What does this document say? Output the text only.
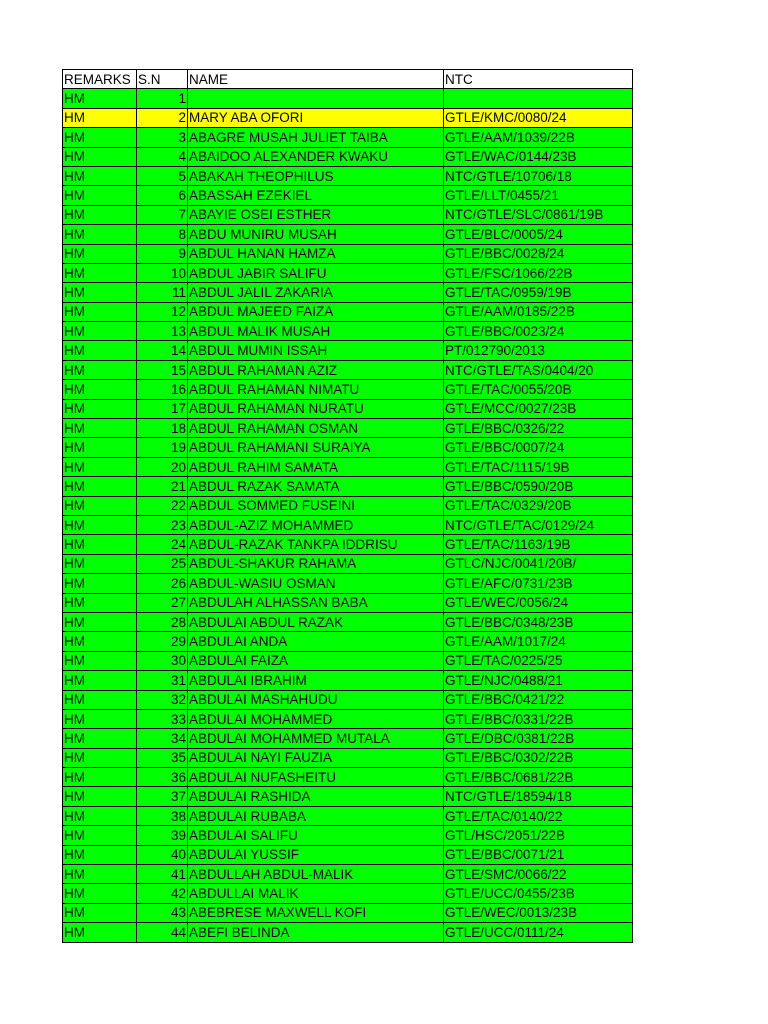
REMARKS	S.N	NAME	NTC
HM	1		
HM	2	MARY ABA OFORI	GTLE/KMC/0080/24
HM	3	ABAGRE MUSAH JULIET TAIBA	GTLE/AAM/1039/22B
HM	4	ABAIDOO ALEXANDER KWAKU	GTLE/WAC/0144/23B
HM	5	ABAKAH THEOPHILUS	NTC/GTLE/10706/18
HM	6	ABASSAH EZEKIEL	GTLE/LLT/0455/21
HM	7	ABAYIE OSEI ESTHER	NTC/GTLE/SLC/0861/19B
HM	8	ABDU MUNIRU MUSAH	GTLE/BLC/0005/24
HM	9	ABDUL HANAN HAMZA	GTLE/BBC/0028/24
HM	10	ABDUL JABIR SALIFU	GTLE/FSC/1066/22B
HM	11	ABDUL JALIL ZAKARIA	GTLE/TAC/0959/19B
HM	12	ABDUL MAJEED FAIZA	GTLE/AAM/0185/22B
HM	13	ABDUL MALIK MUSAH	GTLE/BBC/0023/24
HM	14	ABDUL MUMIN ISSAH	PT/012790/2013
HM	15	ABDUL RAHAMAN AZIZ	NTC/GTLE/TAS/0404/20
HM	16	ABDUL RAHAMAN NIMATU	GTLE/TAC/0055/20B
HM	17	ABDUL RAHAMAN NURATU	GTLE/MCC/0027/23B
HM	18	ABDUL RAHAMAN OSMAN	GTLE/BBC/0326/22
HM	19	ABDUL RAHAMANI SURAIYA	GTLE/BBC/0007/24
HM	20	ABDUL RAHIM SAMATA	GTLE/TAC/1115/19B
HM	21	ABDUL RAZAK SAMATA	GTLE/BBC/0590/20B
HM	22	ABDUL SOMMED FUSEINI	GTLE/TAC/0329/20B
HM	23	ABDUL-AZIZ MOHAMMED	NTC/GTLE/TAC/0129/24
HM	24	ABDUL-RAZAK TANKPA IDDRISU	GTLE/TAC/1163/19B
HM	25	ABDUL-SHAKUR RAHAMA	GTLC/NJC/0041/20B/
HM	26	ABDUL-WASIU OSMAN	GTLE/AFC/0731/23B
HM	27	ABDULAH ALHASSAN BABA	GTLE/WEC/0056/24
HM	28	ABDULAI ABDUL RAZAK	GTLE/BBC/0348/23B
HM	29	ABDULAI ANDA	GTLE/AAM/1017/24
HM	30	ABDULAI FAIZA	GTLE/TAC/0225/25
HM	31	ABDULAI IBRAHIM	GTLE/NJC/0488/21
HM	32	ABDULAI MASHAHUDU	GTLE/BBC/0421/22
HM	33	ABDULAI MOHAMMED	GTLE/BBC/0331/22B
HM	34	ABDULAI MOHAMMED MUTALA	GTLE/DBC/0381/22B
HM	35	ABDULAI NAYI FAUZIA	GTLE/BBC/0302/22B
HM	36	ABDULAI NUFASHEITU	GTLE/BBC/0681/22B
HM	37	ABDULAI RASHIDA	NTC/GTLE/18594/18
HM	38	ABDULAI RUBABA	GTLE/TAC/0140/22
HM	39	ABDULAI SALIFU	GTL/HSC/2051/22B
HM	40	ABDULAI YUSSIF	GTLE/BBC/0071/21
HM	41	ABDULLAH ABDUL-MALIK	GTLE/SMC/0066/22
HM	42	ABDULLAI MALIK	GTLE/UCC/0455/23B
HM	43	ABEBRESE MAXWELL KOFI	GTLE/WEC/0013/23B
HM	44	ABEFI BELINDA	GTLE/UCC/0111/24
